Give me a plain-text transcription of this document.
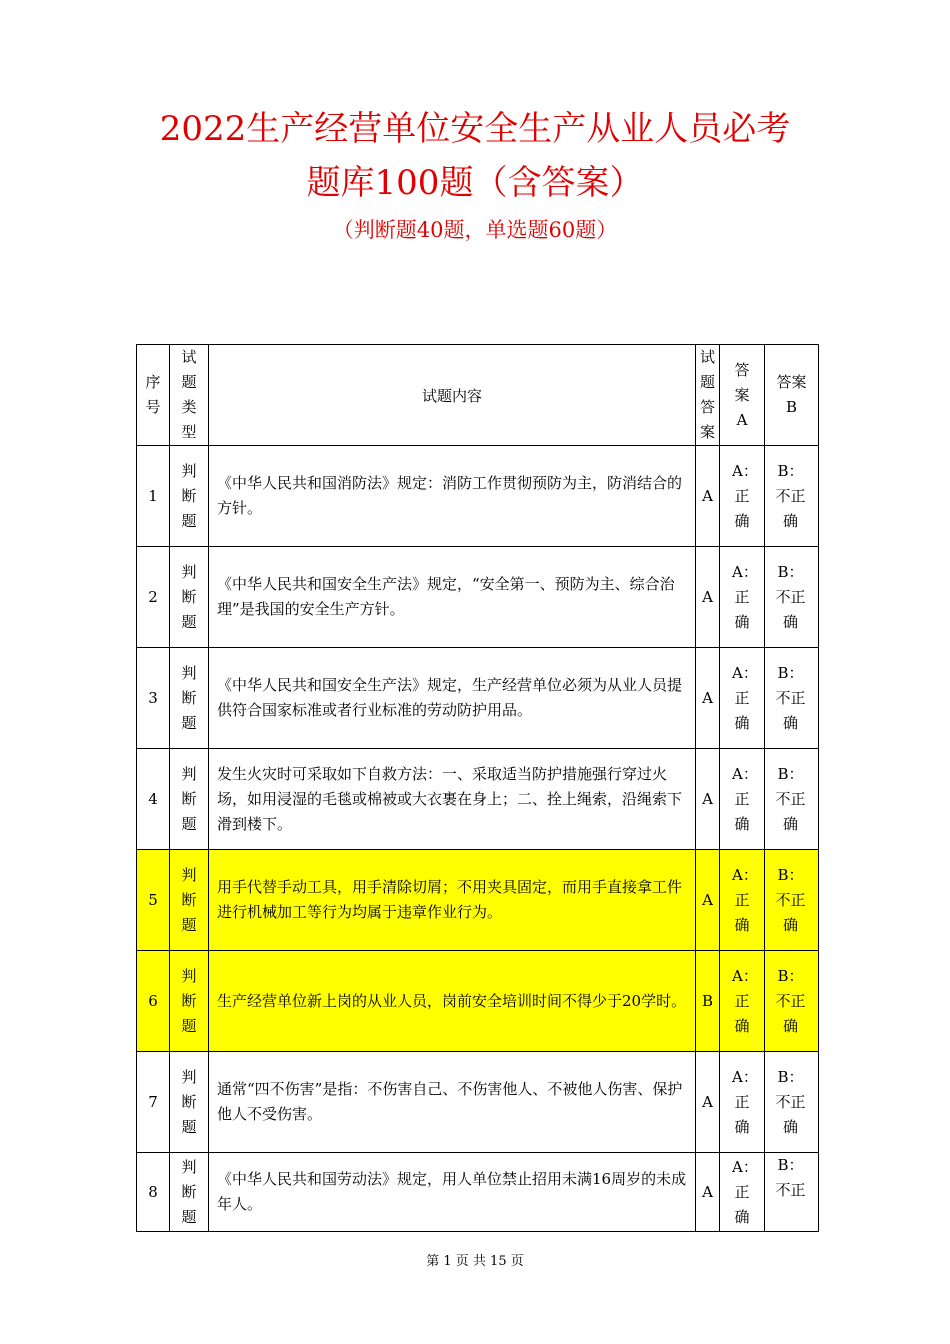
2022生产经营单位安全生产从业人员必考
题库100题（含答案）
（判断题40题，单选题60题）
序号	试题类型	试题内容	试题答案	答案A	答案B
1	判断题	《中华人民共和国消防法》规定：消防工作贯彻预防为主，防消结合的方针。	A	A：正确	B：不正确
2	判断题	《中华人民共和国安全生产法》规定，“安全第一、预防为主、综合治理”是我国的安全生产方针。	A	A：正确	B：不正确
3	判断题	《中华人民共和国安全生产法》规定，生产经营单位必须为从业人员提供符合国家标准或者行业标准的劳动防护用品。	A	A：正确	B：不正确
4	判断题	发生火灾时可采取如下自救方法：一、采取适当防护措施强行穿过火场，如用浸湿的毛毯或棉被或大衣裹在身上；二、拴上绳索，沿绳索下滑到楼下。	A	A：正确	B：不正确
5	判断题	用手代替手动工具，用手清除切屑；不用夹具固定，而用手直接拿工件进行机械加工等行为均属于违章作业行为。	A	A：正确	B：不正确
6	判断题	生产经营单位新上岗的从业人员，岗前安全培训时间不得少于20学时。	B	A：正确	B：不正确
7	判断题	通常“四不伤害”是指：不伤害自己、不伤害他人、不被他人伤害、保护他人不受伤害。	A	A：正确	B：不正确
8	判断题	《中华人民共和国劳动法》规定，用人单位禁止招用未满16周岁的未成年人。	A	A：正确	B：不正
第 1 页 共 15 页
